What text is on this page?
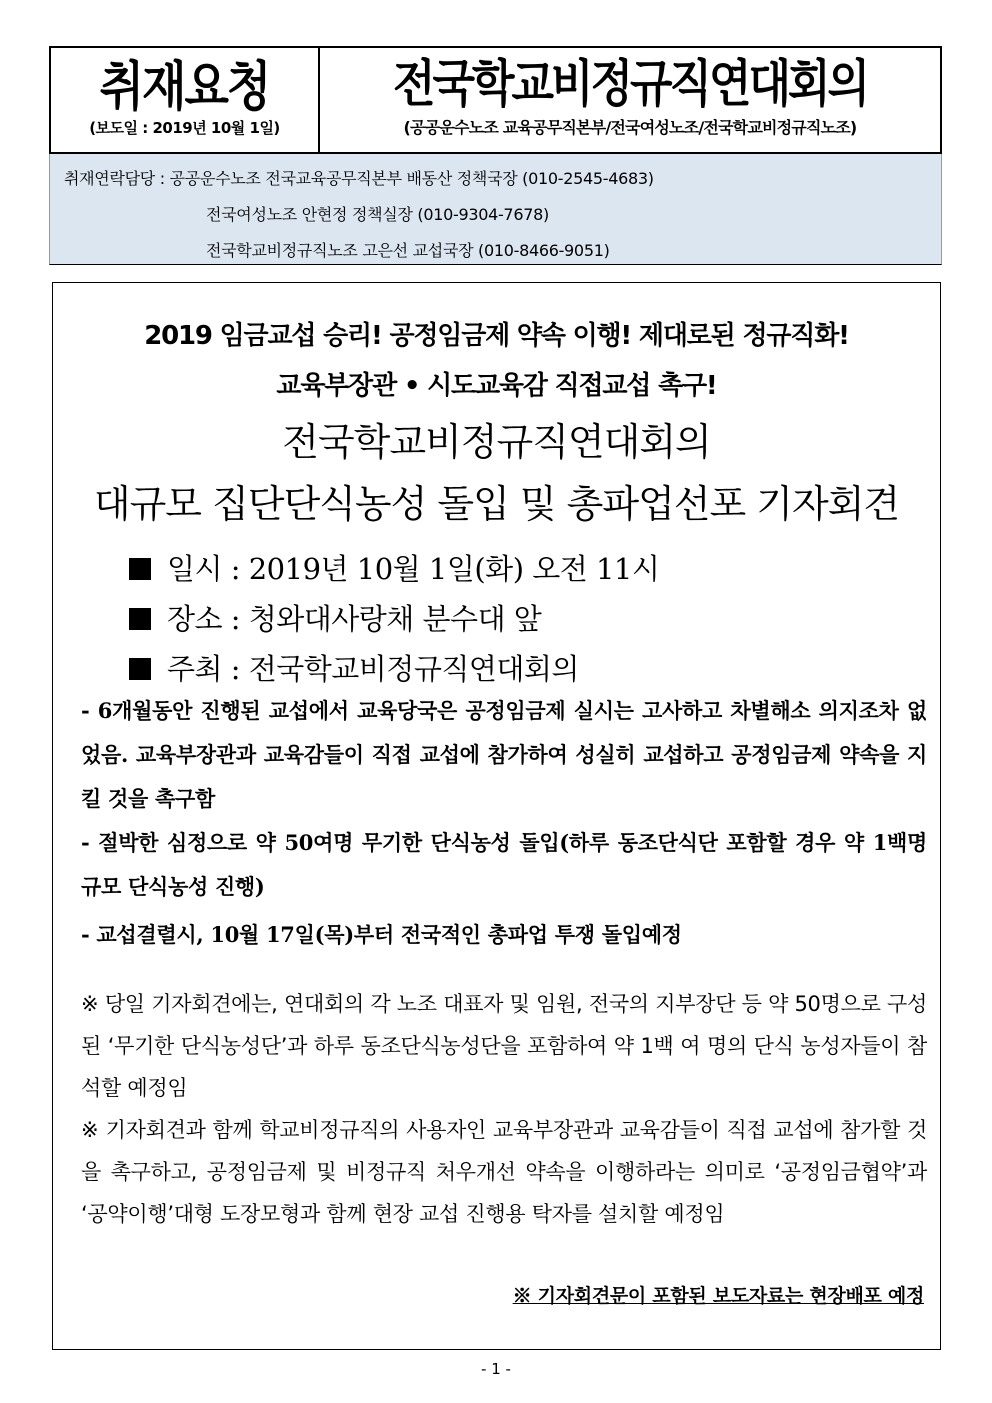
취재요청
(보도일 : 2019년 10월 1일)
전국학교비정규직연대회의
(공공운수노조 교육공무직본부/전국여성노조/전국학교비정규직노조)
취재연락담당 : 공공운수노조 전국교육공무직본부 배동산 정책국장 (010-2545-4683)
전국여성노조 안현정 정책실장 (010-9304-7678)
전국학교비정규직노조 고은선 교섭국장 (010-8466-9051)
2019 임금교섭 승리! 공정임금제 약속 이행! 제대로된 정규직화!
교육부장관 • 시도교육감 직접교섭 촉구!
전국학교비정규직연대회의
대규모 집단단식농성 돌입 및 총파업선포 기자회견
일시 : 2019년 10월 1일(화) 오전 11시
장소 : 청와대사랑채 분수대 앞
주최 : 전국학교비정규직연대회의
- 6개월동안 진행된 교섭에서 교육당국은 공정임금제 실시는 고사하고 차별해소 의지조차 없었음. 교육부장관과 교육감들이 직접 교섭에 참가하여 성실히 교섭하고 공정임금제 약속을 지킬 것을 촉구함
- 절박한 심정으로 약 50여명 무기한 단식농성 돌입(하루 동조단식단 포함할 경우 약 1백명 규모 단식농성 진행)
- 교섭결렬시, 10월 17일(목)부터 전국적인 총파업 투쟁 돌입예정
※ 당일 기자회견에는, 연대회의 각 노조 대표자 및 임원, 전국의 지부장단 등 약 50명으로 구성된 ‘무기한 단식농성단’과 하루 동조단식농성단을 포함하여 약 1백 여 명의 단식 농성자들이 참석할 예정임
※ 기자회견과 함께 학교비정규직의 사용자인 교육부장관과 교육감들이 직접 교섭에 참가할 것을 촉구하고, 공정임금제 및 비정규직 처우개선 약속을 이행하라는 의미로 ‘공정임금협약’과 ‘공약이행’대형 도장모형과 함께 현장 교섭 진행용 탁자를 설치할 예정임
※ 기자회견문이 포함된 보도자료는 현장배포 예정
- 1 -
